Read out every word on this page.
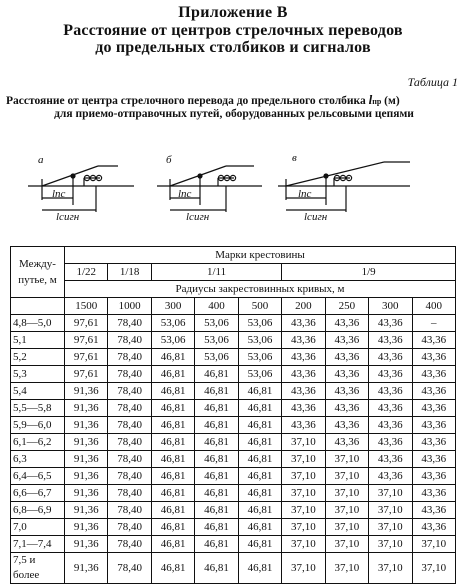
Приложение В
Расстояние от центров стрелочных переводов
до предельных столбиков и сигналов
Таблица 1
Расстояние от центра стрелочного перевода до предельного столбика lпр (м)
для приемо-отправочных путей, оборудованных рельсовыми цепями
а
lпс
lсигн
б
lпс
lсигн
в
lпс
lсигн
Между-
путье, м	Марки крестовины								
	1/22	1/18	1/11			1/9			
	Радиусы закрестовинных кривых, м								
	1500	1000	300	400	500	200	250	300	400
4,8—5,0	97,61	78,40	53,06	53,06	53,06	43,36	43,36	43,36	–
5,1	97,61	78,40	53,06	53,06	53,06	43,36	43,36	43,36	43,36
5,2	97,61	78,40	46,81	53,06	53,06	43,36	43,36	43,36	43,36
5,3	97,61	78,40	46,81	46,81	53,06	43,36	43,36	43,36	43,36
5,4	91,36	78,40	46,81	46,81	46,81	43,36	43,36	43,36	43,36
5,5—5,8	91,36	78,40	46,81	46,81	46,81	43,36	43,36	43,36	43,36
5,9—6,0	91,36	78,40	46,81	46,81	46,81	43,36	43,36	43,36	43,36
6,1—6,2	91,36	78,40	46,81	46,81	46,81	37,10	43,36	43,36	43,36
6,3	91,36	78,40	46,81	46,81	46,81	37,10	37,10	43,36	43,36
6,4—6,5	91,36	78,40	46,81	46,81	46,81	37,10	37,10	43,36	43,36
6,6—6,7	91,36	78,40	46,81	46,81	46,81	37,10	37,10	37,10	43,36
6,8—6,9	91,36	78,40	46,81	46,81	46,81	37,10	37,10	37,10	43,36
7,0	91,36	78,40	46,81	46,81	46,81	37,10	37,10	37,10	43,36
7,1—7,4	91,36	78,40	46,81	46,81	46,81	37,10	37,10	37,10	37,10
7,5 и более	91,36	78,40	46,81	46,81	46,81	37,10	37,10	37,10	37,10
